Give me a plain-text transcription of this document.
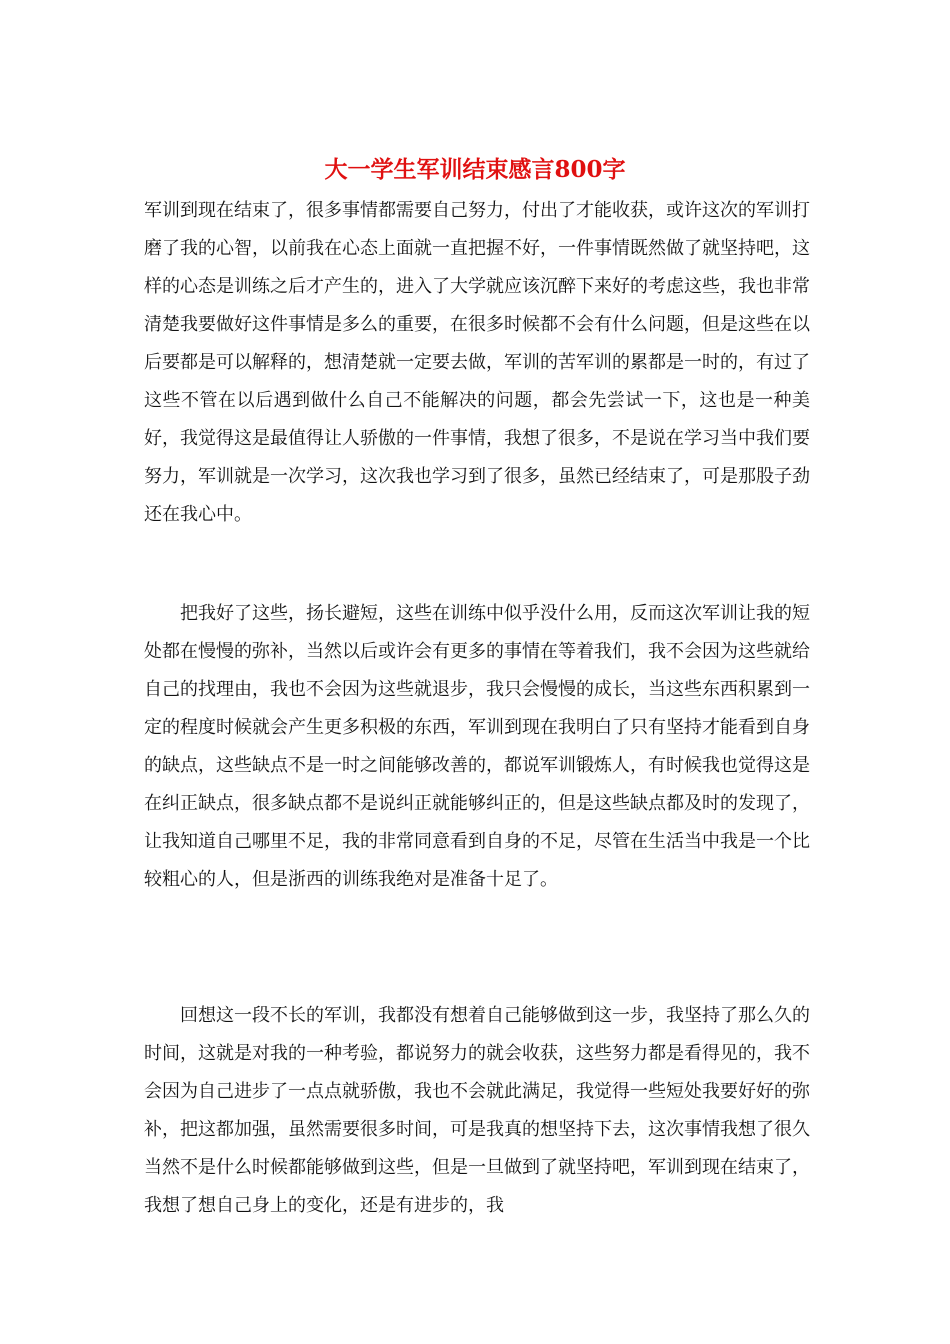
大一学生军训结束感言800字

军训到现在结束了，很多事情都需要自己努力，付出了才能收获，或许这次的军训打磨了我的心智，以前我在心态上面就一直把握不好，一件事情既然做了就坚持吧，这样的心态是训练之后才产生的，进入了大学就应该沉醉下来好的考虑这些，我也非常清楚我要做好这件事情是多么的重要，在很多时候都不会有什么问题，但是这些在以后要都是可以解释的，想清楚就一定要去做，军训的苦军训的累都是一时的，有过了这些不管在以后遇到做什么自己不能解决的问题，都会先尝试一下，这也是一种美好，我觉得这是最值得让人骄傲的一件事情，我想了很多，不是说在学习当中我们要努力，军训就是一次学习，这次我也学习到了很多，虽然已经结束了，可是那股子劲还在我心中。

把我好了这些，扬长避短，这些在训练中似乎没什么用，反而这次军训让我的短处都在慢慢的弥补，当然以后或许会有更多的事情在等着我们，我不会因为这些就给自己的找理由，我也不会因为这些就退步，我只会慢慢的成长，当这些东西积累到一定的程度时候就会产生更多积极的东西，军训到现在我明白了只有坚持才能看到自身的缺点，这些缺点不是一时之间能够改善的，都说军训锻炼人，有时候我也觉得这是在纠正缺点，很多缺点都不是说纠正就能够纠正的，但是这些缺点都及时的发现了，让我知道自己哪里不足，我的非常同意看到自身的不足，尽管在生活当中我是一个比较粗心的人，但是浙西的训练我绝对是准备十足了。

回想这一段不长的军训，我都没有想着自己能够做到这一步，我坚持了那么久的时间，这就是对我的一种考验，都说努力的就会收获，这些努力都是看得见的，我不会因为自己进步了一点点就骄傲，我也不会就此满足，我觉得一些短处我要好好的弥补，把这都加强，虽然需要很多时间，可是我真的想坚持下去，这次事情我想了很久当然不是什么时候都能够做到这些，但是一旦做到了就坚持吧，军训到现在结束了，我想了想自己身上的变化，还是有进步的，我
